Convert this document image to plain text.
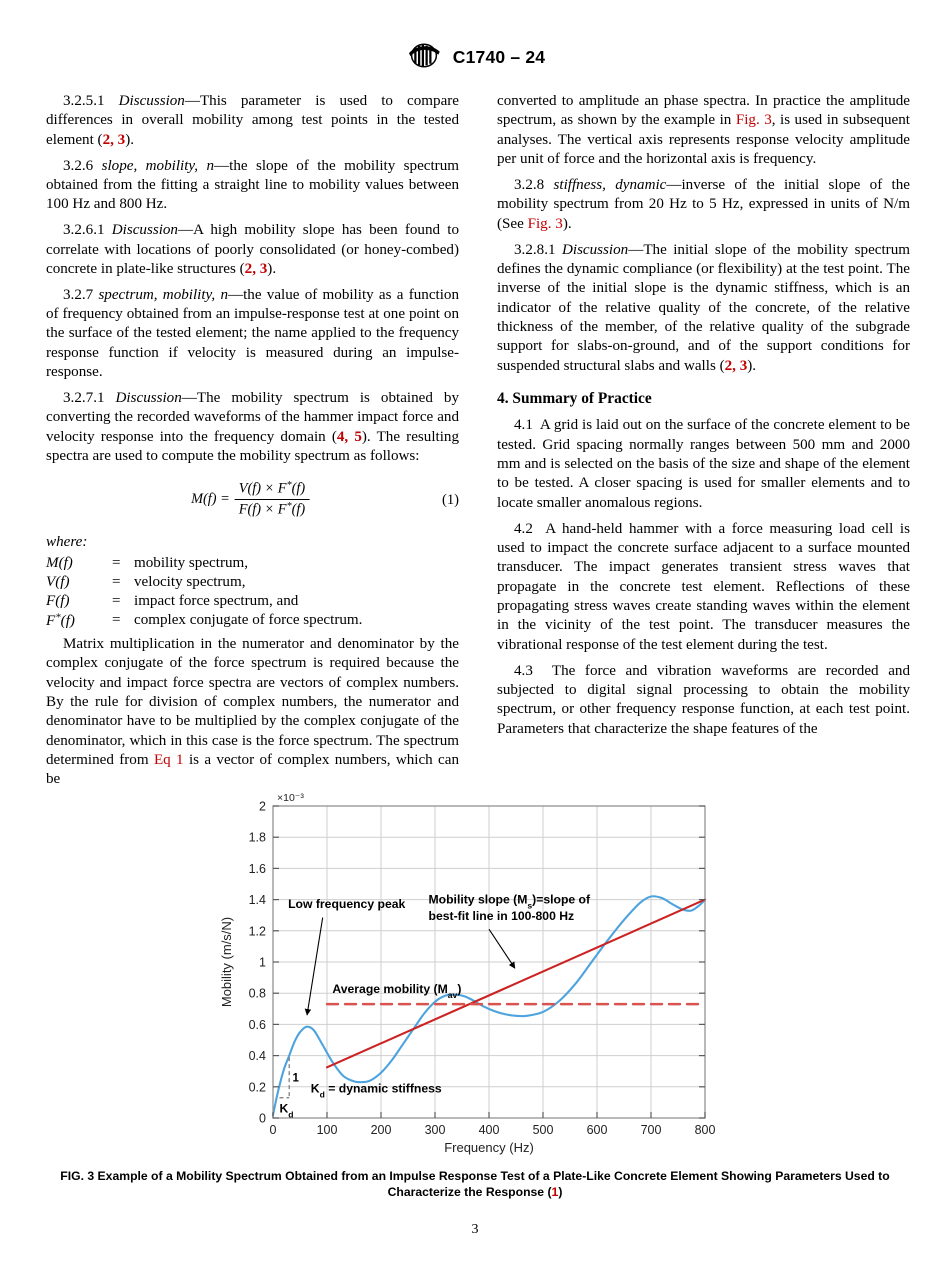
C1740 – 24

3.2.5.1 Discussion—This parameter is used to compare differences in overall mobility among test points in the tested element (2, 3).

3.2.6 slope, mobility, n—the slope of the mobility spectrum obtained from the fitting a straight line to mobility values between 100 Hz and 800 Hz.

3.2.6.1 Discussion—A high mobility slope has been found to correlate with locations of poorly consolidated (or honey-combed) concrete in plate-like structures (2, 3).

3.2.7 spectrum, mobility, n—the value of mobility as a function of frequency obtained from an impulse-response test at one point on the surface of the tested element; the name applied to the frequency response function if velocity is measured during an impulse-response.

3.2.7.1 Discussion—The mobility spectrum is obtained by converting the recorded waveforms of the hammer impact force and velocity response into the frequency domain (4, 5). The resulting spectra are used to compute the mobility spectrum as follows:

$M(f) = \frac{V(f) \times F^*(f)}{F(f) \times F^*(f)}$	(1)
where:
M(f)	= mobility spectrum,
V(f)	= velocity spectrum,
F(f)	= impact force spectrum, and
F*(f)	= complex conjugate of force spectrum.

Matrix multiplication in the numerator and denominator by the complex conjugate of the force spectrum is required because the velocity and impact force spectra are vectors of complex numbers. By the rule for division of complex numbers, the numerator and denominator have to be multiplied by the complex conjugate of the denominator, which in this case is the force spectrum. The spectrum determined from Eq 1 is a vector of complex numbers, which can be

converted to amplitude an phase spectra. In practice the amplitude spectrum, as shown by the example in Fig. 3, is used in subsequent analyses. The vertical axis represents response velocity amplitude per unit of force and the horizontal axis is frequency.

3.2.8 stiffness, dynamic—inverse of the initial slope of the mobility spectrum from 20 Hz to 5 Hz, expressed in units of N/m (See Fig. 3).

3.2.8.1 Discussion—The initial slope of the mobility spectrum defines the dynamic compliance (or flexibility) at the test point. The inverse of the initial slope is the dynamic stiffness, which is an indicator of the relative quality of the concrete, of the relative thickness of the member, of the relative quality of the subgrade support for slabs-on-ground, and of the support conditions for suspended structural slabs and walls (2, 3).

4. Summary of Practice

4.1 A grid is laid out on the surface of the concrete element to be tested. Grid spacing normally ranges between 500 mm and 2000 mm and is selected on the basis of the size and shape of the element to be tested. A closer spacing is used for smaller elements and to locate smaller anomalous regions.

4.2 A hand-held hammer with a force measuring load cell is used to impact the concrete surface adjacent to a surface mounted transducer. The impact generates transient stress waves that propagate in the concrete test element. Reflections of these propagating stress waves create standing waves within the element in the vicinity of the test point. The transducer measures the vibrational response of the test element during the test.

4.3 The force and vibration waveforms are recorded and subjected to digital signal processing to obtain the mobility spectrum, or other frequency response function, at each test point. Parameters that characterize the shape features of the

0
0.2
0.4
0.6
0.8
1
1.2
1.4
1.6
1.8
2
0	100	200	300	400	500	600	700	800
×10⁻³
Frequency (Hz)
Mobility (m/s/N)
Low frequency peak Mobility slope $(M_s)=slope$ of
best-fit line in 100-800 Hz
Average mobility $(M_{av})$
$K_d$ = dynamic stiffness
1
$K_d$
FIG. 3 Example of a Mobility Spectrum Obtained from an Impulse Response Test of a Plate-Like Concrete Element Showing Parameters Used to Characterize the Response (1)
3
